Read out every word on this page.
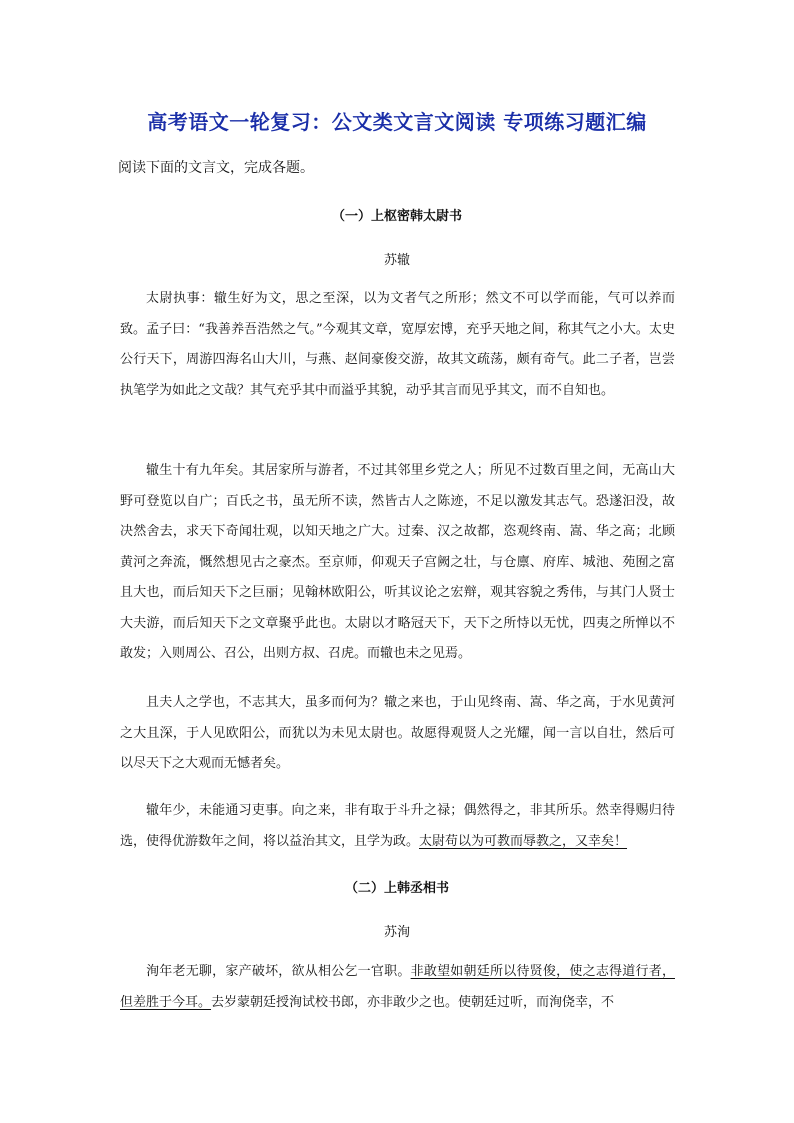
高考语文一轮复习：公文类文言文阅读 专项练习题汇编
阅读下面的文言文，完成各题。
（一）上枢密韩太尉书
苏辙

太尉执事：辙生好为文，思之至深，以为文者气之所形；然文不可以学而能，气可以养而致。孟子曰：“我善养吾浩然之气。”今观其文章，宽厚宏博，充乎天地之间，称其气之小大。太史公行天下，周游四海名山大川，与燕、赵间豪俊交游，故其文疏荡，颇有奇气。此二子者，岂尝执笔学为如此之文哉？其气充乎其中而溢乎其貌，动乎其言而见乎其文，而不自知也。

辙生十有九年矣。其居家所与游者，不过其邻里乡党之人；所见不过数百里之间，无高山大野可登览以自广；百氏之书，虽无所不读，然皆古人之陈迹，不足以激发其志气。恐遂汩没，故决然舍去，求天下奇闻壮观，以知天地之广大。过秦、汉之故都，恣观终南、嵩、华之高；北顾黄河之奔流，慨然想见古之豪杰。至京师，仰观天子宫阙之壮，与仓廪、府库、城池、苑囿之富且大也，而后知天下之巨丽；见翰林欧阳公，听其议论之宏辩，观其容貌之秀伟，与其门人贤士大夫游，而后知天下之文章聚乎此也。太尉以才略冠天下，天下之所恃以无忧，四夷之所惮以不敢发；入则周公、召公，出则方叔、召虎。而辙也未之见焉。

且夫人之学也，不志其大，虽多而何为？辙之来也，于山见终南、嵩、华之高，于水见黄河之大且深，于人见欧阳公，而犹以为未见太尉也。故愿得观贤人之光耀，闻一言以自壮，然后可以尽天下之大观而无憾者矣。

辙年少，未能通习吏事。向之来，非有取于斗升之禄；偶然得之，非其所乐。然幸得赐归待选，使得优游数年之间，将以益治其文，且学为政。太尉苟以为可教而辱教之，又幸矣！

（二）上韩丞相书
苏洵

洵年老无聊，家产破坏，欲从相公乞一官职。非敢望如朝廷所以待贤俊，使之志得道行者，但差胜于今耳。去岁蒙朝廷授洵试校书郎，亦非敢少之也。使朝廷过听，而洵侥幸，不
